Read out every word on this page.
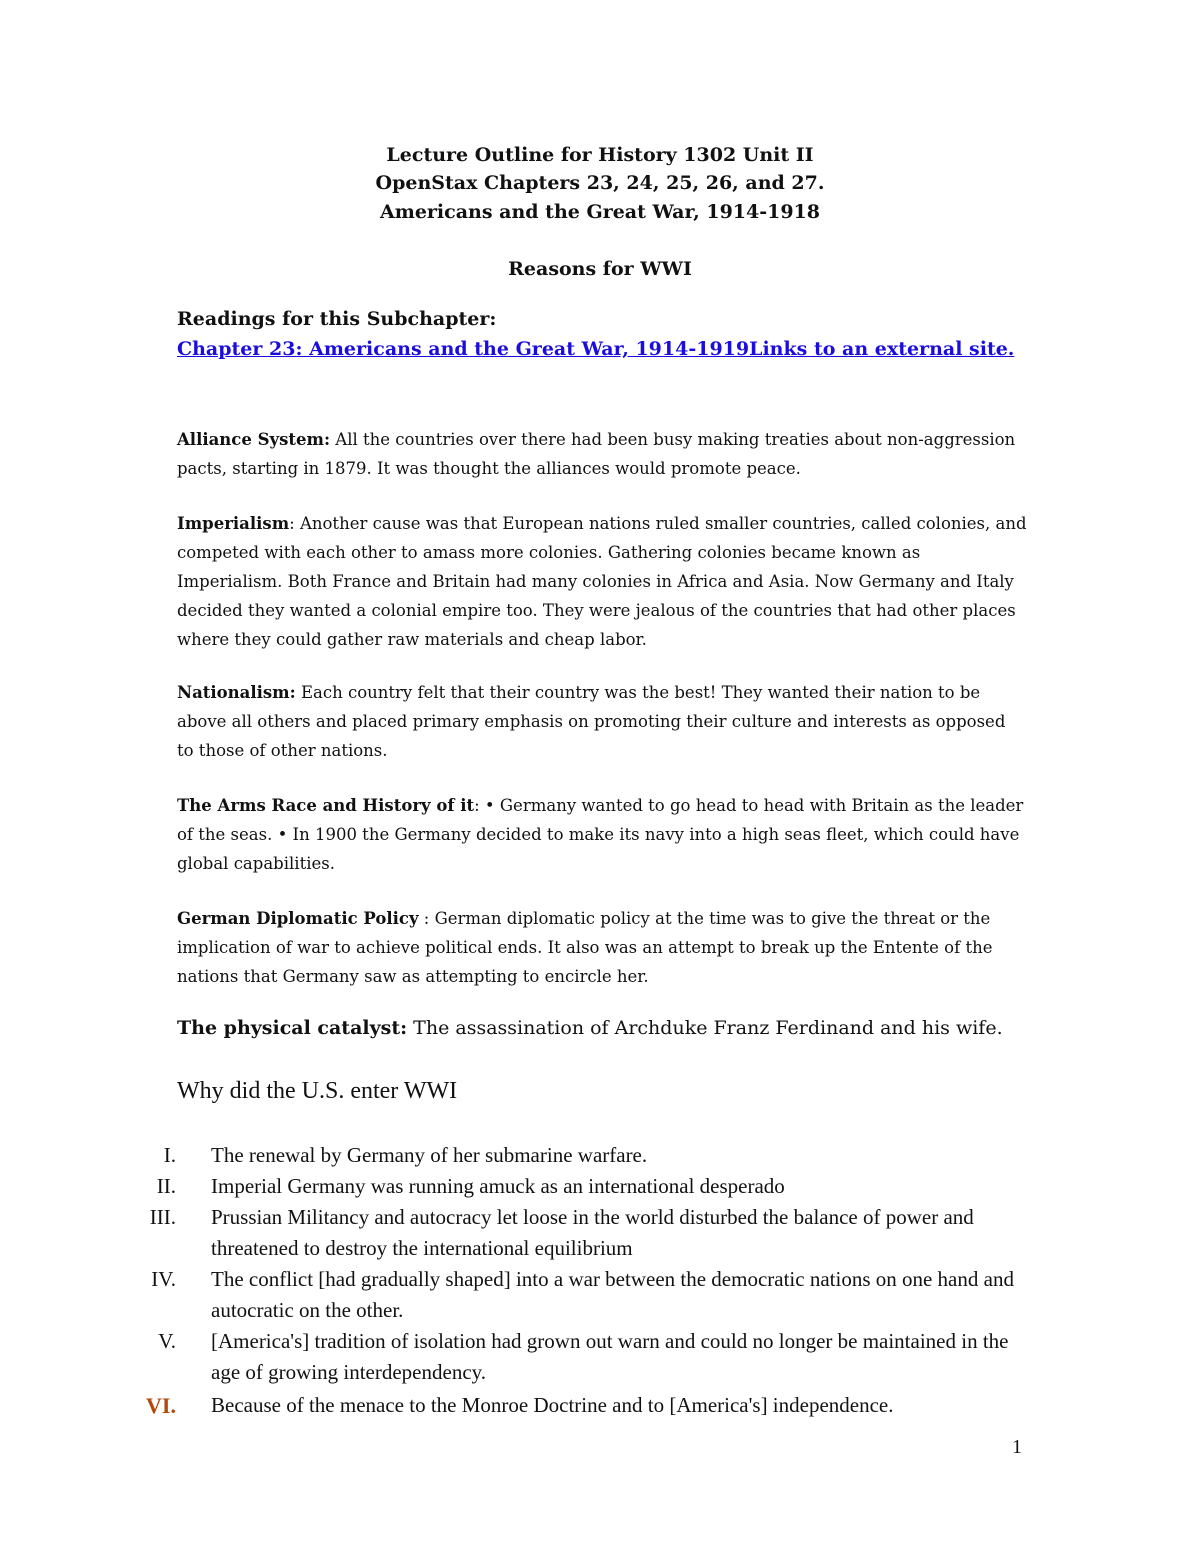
Lecture Outline for History 1302 Unit II
OpenStax Chapters 23, 24, 25, 26, and 27.
Americans and the Great War, 1914-1918
Reasons for WWI
Readings for this Subchapter:
Chapter 23: Americans and the Great War, 1914-1919Links to an external site.
Alliance System: All the countries over there had been busy making treaties about non-aggression pacts, starting in 1879. It was thought the alliances would promote peace.
Imperialism: Another cause was that European nations ruled smaller countries, called colonies, and competed with each other to amass more colonies. Gathering colonies became known as Imperialism. Both France and Britain had many colonies in Africa and Asia. Now Germany and Italy decided they wanted a colonial empire too. They were jealous of the countries that had other places where they could gather raw materials and cheap labor.
Nationalism: Each country felt that their country was the best! They wanted their nation to be above all others and placed primary emphasis on promoting their culture and interests as opposed to those of other nations.
The Arms Race and History of it: • Germany wanted to go head to head with Britain as the leader of the seas. • In 1900 the Germany decided to make its navy into a high seas fleet, which could have global capabilities.
German Diplomatic Policy : German diplomatic policy at the time was to give the threat or the implication of war to achieve political ends. It also was an attempt to break up the Entente of the nations that Germany saw as attempting to encircle her.
The physical catalyst: The assassination of Archduke Franz Ferdinand and his wife.
Why did the U.S. enter WWI
I. The renewal by Germany of her submarine warfare.
II. Imperial Germany was running amuck as an international desperado
III. Prussian Militancy and autocracy let loose in the world disturbed the balance of power and threatened to destroy the international equilibrium
IV. The conflict [had gradually shaped] into a war between the democratic nations on one hand and autocratic on the other.
V. [America's] tradition of isolation had grown out warn and could no longer be maintained in the age of growing interdependency.
VI. Because of the menace to the Monroe Doctrine and to [America's] independence.
1
